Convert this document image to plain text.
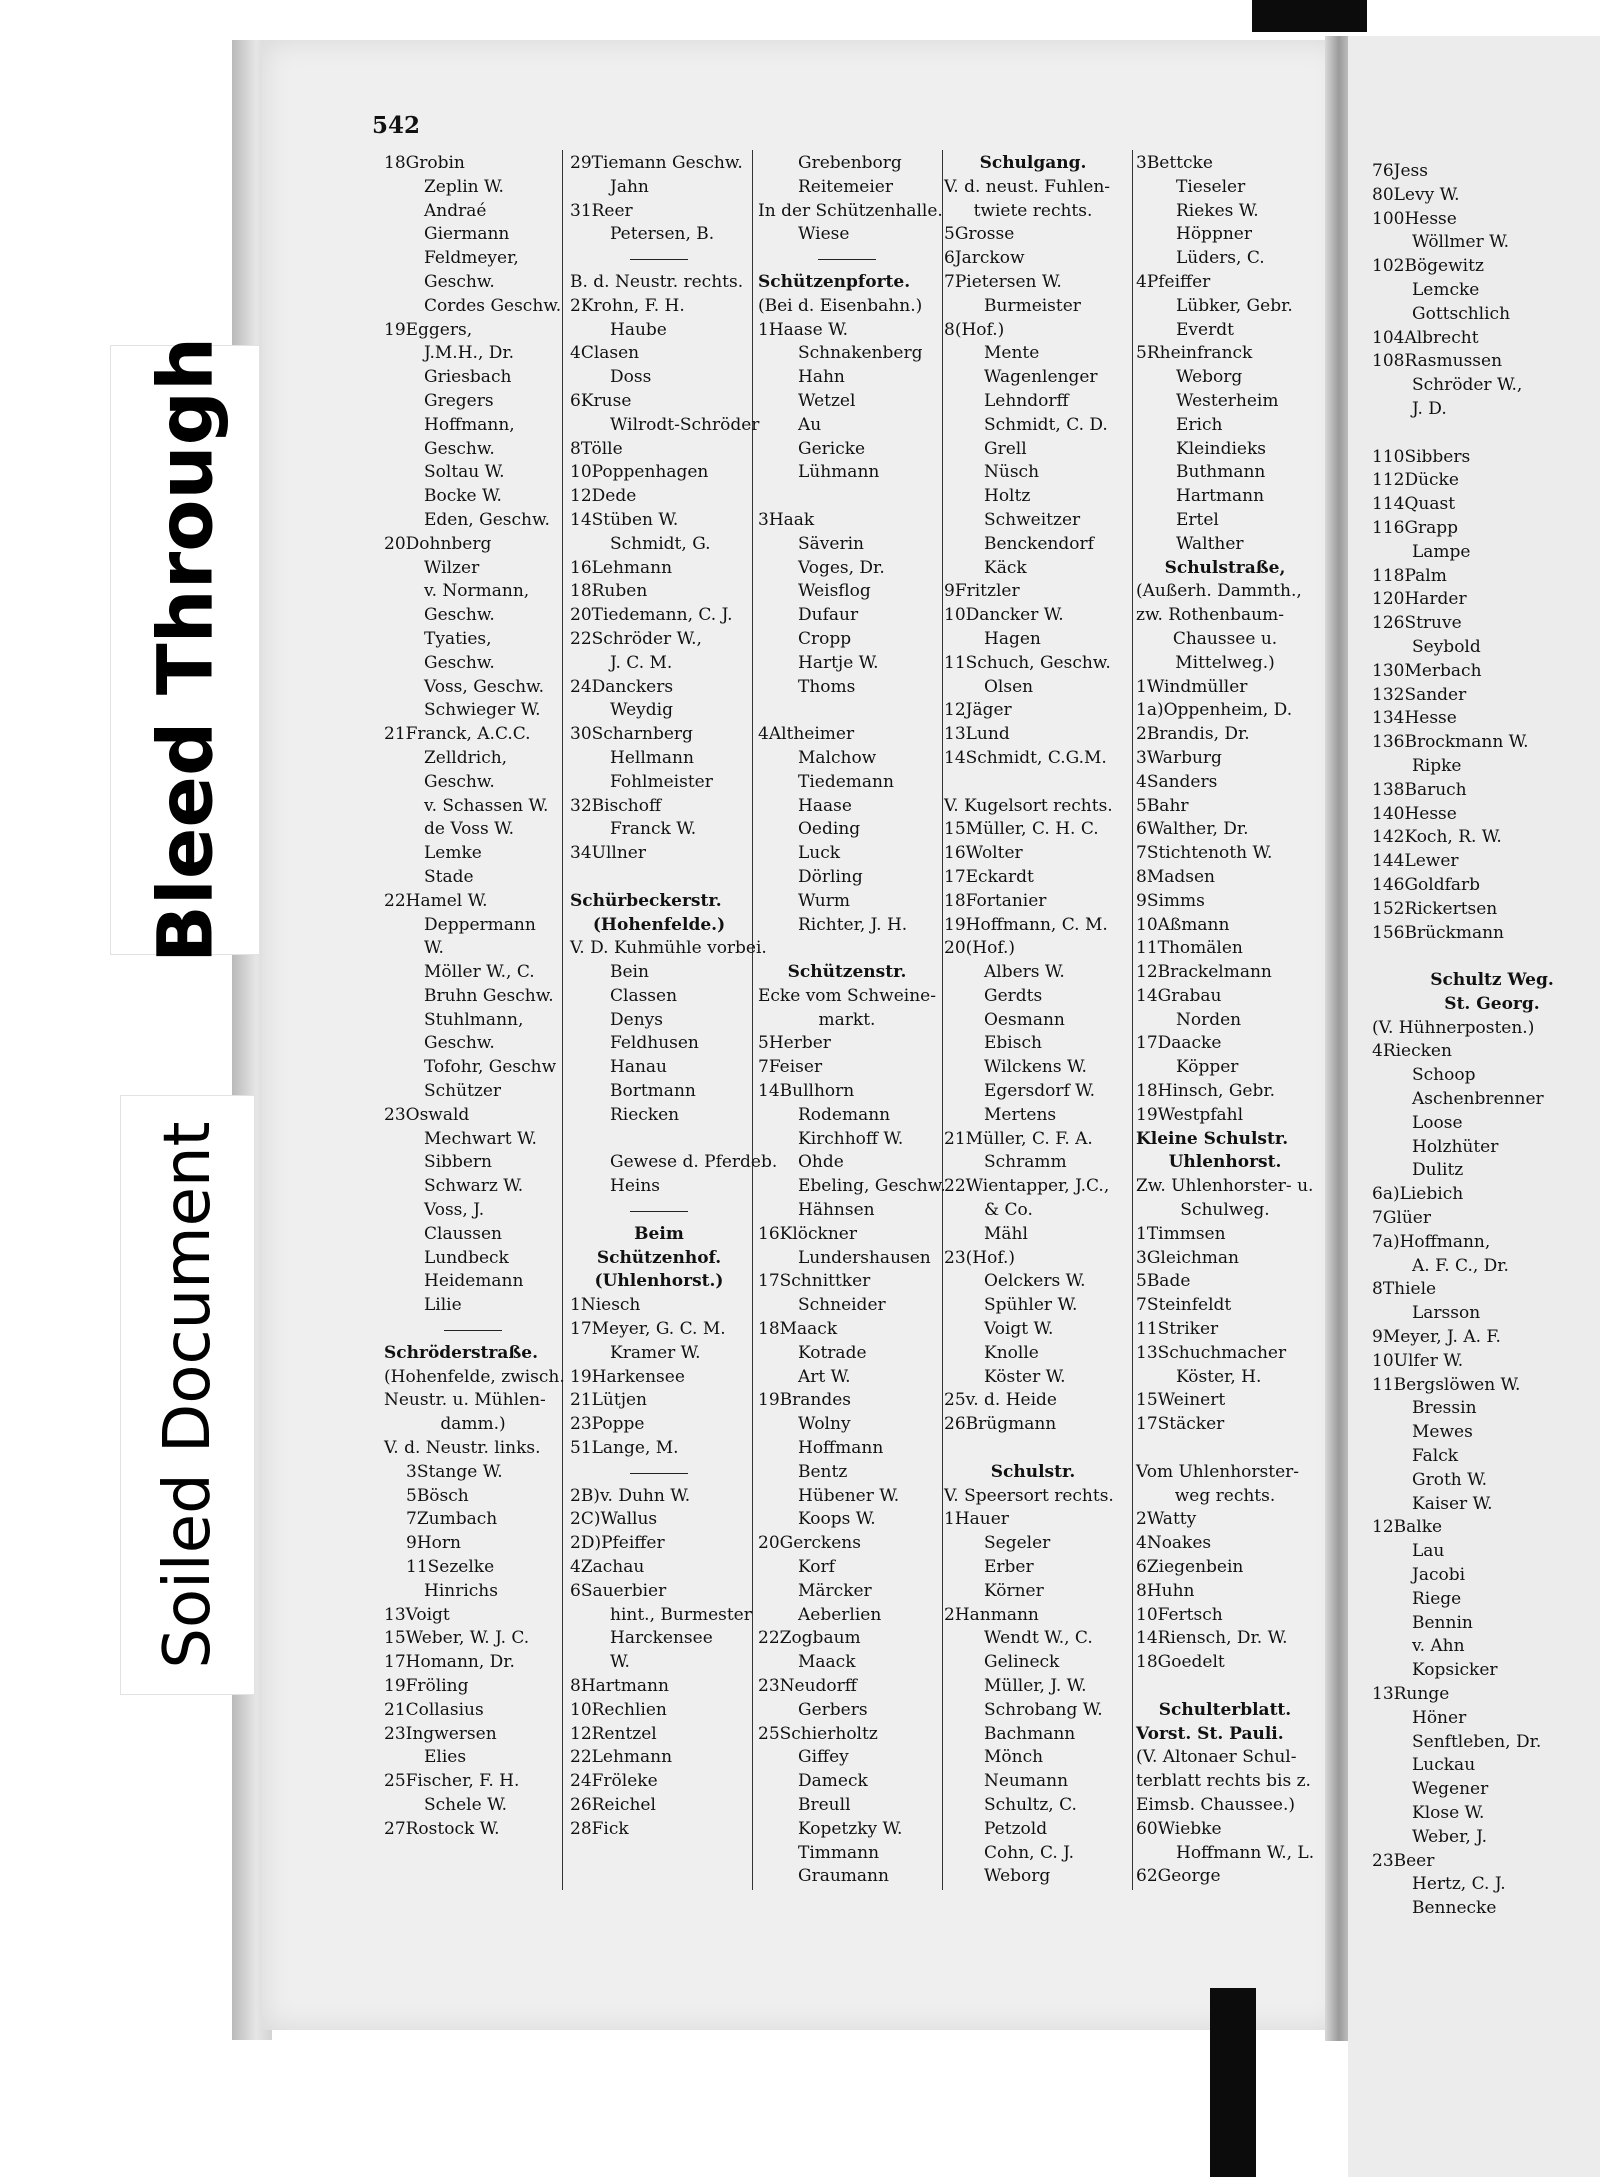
542
18Grobin
Zeplin W.
Andraé
Giermann
Feldmeyer,
Geschw.
Cordes Geschw.
19Eggers,
J.M.H., Dr.
Griesbach
Gregers
Hoffmann,
Geschw.
Soltau W.
Bocke W.
Eden, Geschw.
20Dohnberg
Wilzer
v. Normann,
Geschw.
Tyaties,
Geschw.
Voss, Geschw.
Schwieger W.
21Franck, A.C.C.
Zelldrich,
Geschw.
v. Schassen W.
de Voss W.
Lemke
Stade
22Hamel W.
Deppermann
W.
Möller W., C.
Bruhn Geschw.
Stuhlmann,
Geschw.
Tofohr, Geschw
Schützer
23Oswald
Mechwart W.
Sibbern
Schwarz W.
Voss, J.
Claussen
Lundbeck
Heidemann
Lilie
Schröderstraße.
(Hohenfelde, zwisch.
Neustr. u. Mühlen-
damm.)
V. d. Neustr. links.
3Stange W.
5Bösch
7Zumbach
9Horn
11Sezelke
Hinrichs
13Voigt
15Weber, W. J. C.
17Homann, Dr.
19Fröling
21Collasius
23Ingwersen
Elies
25Fischer, F. H.
Schele W.
27Rostock W.
29Tiemann Geschw.
Jahn
31Reer
Petersen, B.
B. d. Neustr. rechts.
2Krohn, F. H.
Haube
4Clasen
Doss
6Kruse
Wilrodt-Schröder
8Tölle
10Poppenhagen
12Dede
14Stüben W.
Schmidt, G.
16Lehmann
18Ruben
20Tiedemann, C. J.
22Schröder W.,
J. C. M.
24Danckers
Weydig
30Scharnberg
Hellmann
Fohlmeister
32Bischoff
Franck W.
34Ullner
Schürbeckerstr.
(Hohenfelde.)
V. D. Kuhmühle vorbei.
Bein
Classen
Denys
Feldhusen
Hanau
Bortmann
Riecken
Gewese d. Pferdeb.
Heins
Beim
Schützenhof.
(Uhlenhorst.)
1Niesch
17Meyer, G. C. M.
Kramer W.
19Harkensee
21Lütjen
23Poppe
51Lange, M.
2B)v. Duhn W.
2C)Wallus
2D)Pfeiffer
4Zachau
6Sauerbier
hint., Burmester
Harckensee
W.
8Hartmann
10Rechlien
12Rentzel
22Lehmann
24Fröleke
26Reichel
28Fick
Grebenborg
Reitemeier
In der Schützenhalle.
Wiese
Schützenpforte.
(Bei d. Eisenbahn.)
1Haase W.
Schnakenberg
Hahn
Wetzel
Au
Gericke
Lühmann
3Haak
Säverin
Voges, Dr.
Weisflog
Dufaur
Cropp
Hartje W.
Thoms
4Altheimer
Malchow
Tiedemann
Haase
Oeding
Luck
Dörling
Wurm
Richter, J. H.
Schützenstr.
Ecke vom Schweine-
markt.
5Herber
7Feiser
14Bullhorn
Rodemann
Kirchhoff W.
Ohde
Ebeling, Geschw.
Hähnsen
16Klöckner
Lundershausen
17Schnittker
Schneider
18Maack
Kotrade
Art W.
19Brandes
Wolny
Hoffmann
Bentz
Hübener W.
Koops W.
20Gerckens
Korf
Märcker
Aeberlien
22Zogbaum
Maack
23Neudorff
Gerbers
25Schierholtz
Giffey
Dameck
Breull
Kopetzky W.
Timmann
Graumann
Schulgang.
V. d. neust. Fuhlen-
twiete rechts.
5Grosse
6Jarckow
7Pietersen W.
Burmeister
8(Hof.)
Mente
Wagenlenger
Lehndorff
Schmidt, C. D.
Grell
Nüsch
Holtz
Schweitzer
Benckendorf
Käck
9Fritzler
10Dancker W.
Hagen
11Schuch, Geschw.
Olsen
12Jäger
13Lund
14Schmidt, C.G.M.
V. Kugelsort rechts.
15Müller, C. H. C.
16Wolter
17Eckardt
18Fortanier
19Hoffmann, C. M.
20(Hof.)
Albers W.
Gerdts
Oesmann
Ebisch
Wilckens W.
Egersdorf W.
Mertens
21Müller, C. F. A.
Schramm
22Wientapper, J.C.,
& Co.
Mähl
23(Hof.)
Oelckers W.
Spühler W.
Voigt W.
Knolle
Köster W.
25v. d. Heide
26Brügmann
Schulstr.
V. Speersort rechts.
1Hauer
Segeler
Erber
Körner
2Hanmann
Wendt W., C.
Gelineck
Müller, J. W.
Schrobang W.
Bachmann
Mönch
Neumann
Schultz, C.
Petzold
Cohn, C. J.
Weborg
3Bettcke
Tieseler
Riekes W.
Höppner
Lüders, C.
4Pfeiffer
Lübker, Gebr.
Everdt
5Rheinfranck
Weborg
Westerheim
Erich
Kleindieks
Buthmann
Hartmann
Ertel
Walther
Schulstraße,
(Außerh. Dammth.,
zw. Rothenbaum-
Chaussee u.
Mittelweg.)
1Windmüller
1a)Oppenheim, D.
2Brandis, Dr.
3Warburg
4Sanders
5Bahr
6Walther, Dr.
7Stichtenoth W.
8Madsen
9Simms
10Aßmann
11Thomälen
12Brackelmann
14Grabau
Norden
17Daacke
Köpper
18Hinsch, Gebr.
19Westpfahl
Kleine Schulstr.
Uhlenhorst.
Zw. Uhlenhorster- u.
Schulweg.
1Timmsen
3Gleichman
5Bade
7Steinfeldt
11Striker
13Schuchmacher
Köster, H.
15Weinert
17Stäcker
Vom Uhlenhorster-
weg rechts.
2Watty
4Noakes
6Ziegenbein
8Huhn
10Fertsch
14Riensch, Dr. W.
18Goedelt
Schulterblatt.
Vorst. St. Pauli.
(V. Altonaer Schul-
terblatt rechts bis z.
Eimsb. Chaussee.)
60Wiebke
Hoffmann W., L.
62George
76Jess
80Levy W.
100Hesse
Wöllmer W.
102Bögewitz
Lemcke
Gottschlich
104Albrecht
108Rasmussen
Schröder W.,
J. D.
110Sibbers
112Dücke
114Quast
116Grapp
Lampe
118Palm
120Harder
126Struve
Seybold
130Merbach
132Sander
134Hesse
136Brockmann W.
Ripke
138Baruch
140Hesse
142Koch, R. W.
144Lewer
146Goldfarb
152Rickertsen
156Brückmann
Schultz Weg.
St. Georg.
(V. Hühnerposten.)
4Riecken
Schoop
Aschenbrenner
Loose
Holzhüter
Dulitz
6a)Liebich
7Glüer
7a)Hoffmann,
A. F. C., Dr.
8Thiele
Larsson
9Meyer, J. A. F.
10Ulfer W.
11Bergslöwen W.
Bressin
Mewes
Falck
Groth W.
Kaiser W.
12Balke
Lau
Jacobi
Riege
Bennin
v. Ahn
Kopsicker
13Runge
Höner
Senftleben, Dr.
Luckau
Wegener
Klose W.
Weber, J.
23Beer
Hertz, C. J.
Bennecke
Bleed Through
Soiled Document
